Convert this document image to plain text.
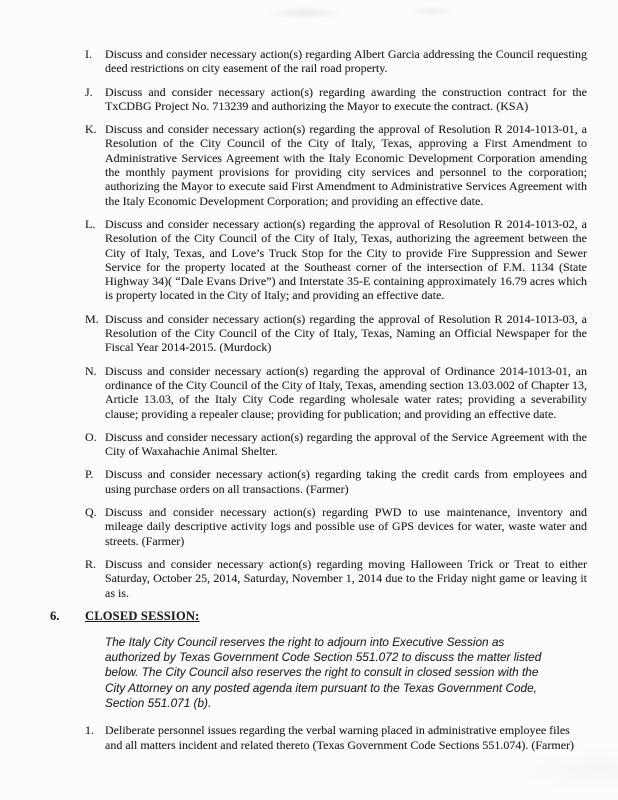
I.	Discuss and consider necessary action(s) regarding Albert Garcia addressing the Council requesting deed restrictions on city easement of the rail road property.
J.	Discuss and consider necessary action(s) regarding awarding the construction contract for the TxCDBG Project No. 713239 and authorizing the Mayor to execute the contract. (KSA)
K. Discuss and consider necessary action(s) regarding the approval of Resolution R 2014-1013-01, a Resolution of the City Council of the City of Italy, Texas, approving a First Amendment to Administrative Services Agreement with the Italy Economic Development Corporation amending the monthly payment provisions for providing city services and personnel to the corporation; authorizing the Mayor to execute said First Amendment to Administrative Services Agreement with the Italy Economic Development Corporation; and providing an effective date.
L. Discuss and consider necessary action(s) regarding the approval of Resolution R 2014-1013-02, a Resolution of the City Council of the City of Italy, Texas, authorizing the agreement between the City of Italy, Texas, and Love’s Truck Stop for the City to provide Fire Suppression and Sewer Service for the property located at the Southeast corner of the intersection of F.M. 1134 (State Highway 34)( “Dale Evans Drive”) and Interstate 35-E containing approximately 16.79 acres which is property located in the City of Italy; and providing an effective date.
M. Discuss and consider necessary action(s) regarding the approval of Resolution R 2014-1013-03, a Resolution of the City Council of the City of Italy, Texas, Naming an Official Newspaper for the Fiscal Year 2014-2015. (Murdock)
N. Discuss and consider necessary action(s) regarding the approval of Ordinance 2014-1013-01, an ordinance of the City Council of the City of Italy, Texas, amending section 13.03.002 of Chapter 13, Article 13.03, of the Italy City Code regarding wholesale water rates; providing a severability clause; providing a repealer clause; providing for publication; and providing an effective date.
O. Discuss and consider necessary action(s) regarding the approval of the Service Agreement with the City of Waxahachie Animal Shelter.
P. Discuss and consider necessary action(s) regarding taking the credit cards from employees and using purchase orders on all transactions. (Farmer)
Q. Discuss and consider necessary action(s) regarding PWD to use maintenance, inventory and mileage daily descriptive activity logs and possible use of GPS devices for water, waste water and streets. (Farmer)
R. Discuss and consider necessary action(s) regarding moving Halloween Trick or Treat to either Saturday, October 25, 2014, Saturday, November 1, 2014 due to the Friday night game or leaving it as is.
6.	CLOSED SESSION:
The Italy City Council reserves the right to adjourn into Executive Session as authorized by Texas Government Code Section 551.072 to discuss the matter listed below. The City Council also reserves the right to consult in closed session with the City Attorney on any posted agenda item pursuant to the Texas Government Code, Section 551.071 (b).
1. Deliberate personnel issues regarding the verbal warning placed in administrative employee files and all matters incident and related thereto (Texas Government Code Sections 551.074). (Farmer)
